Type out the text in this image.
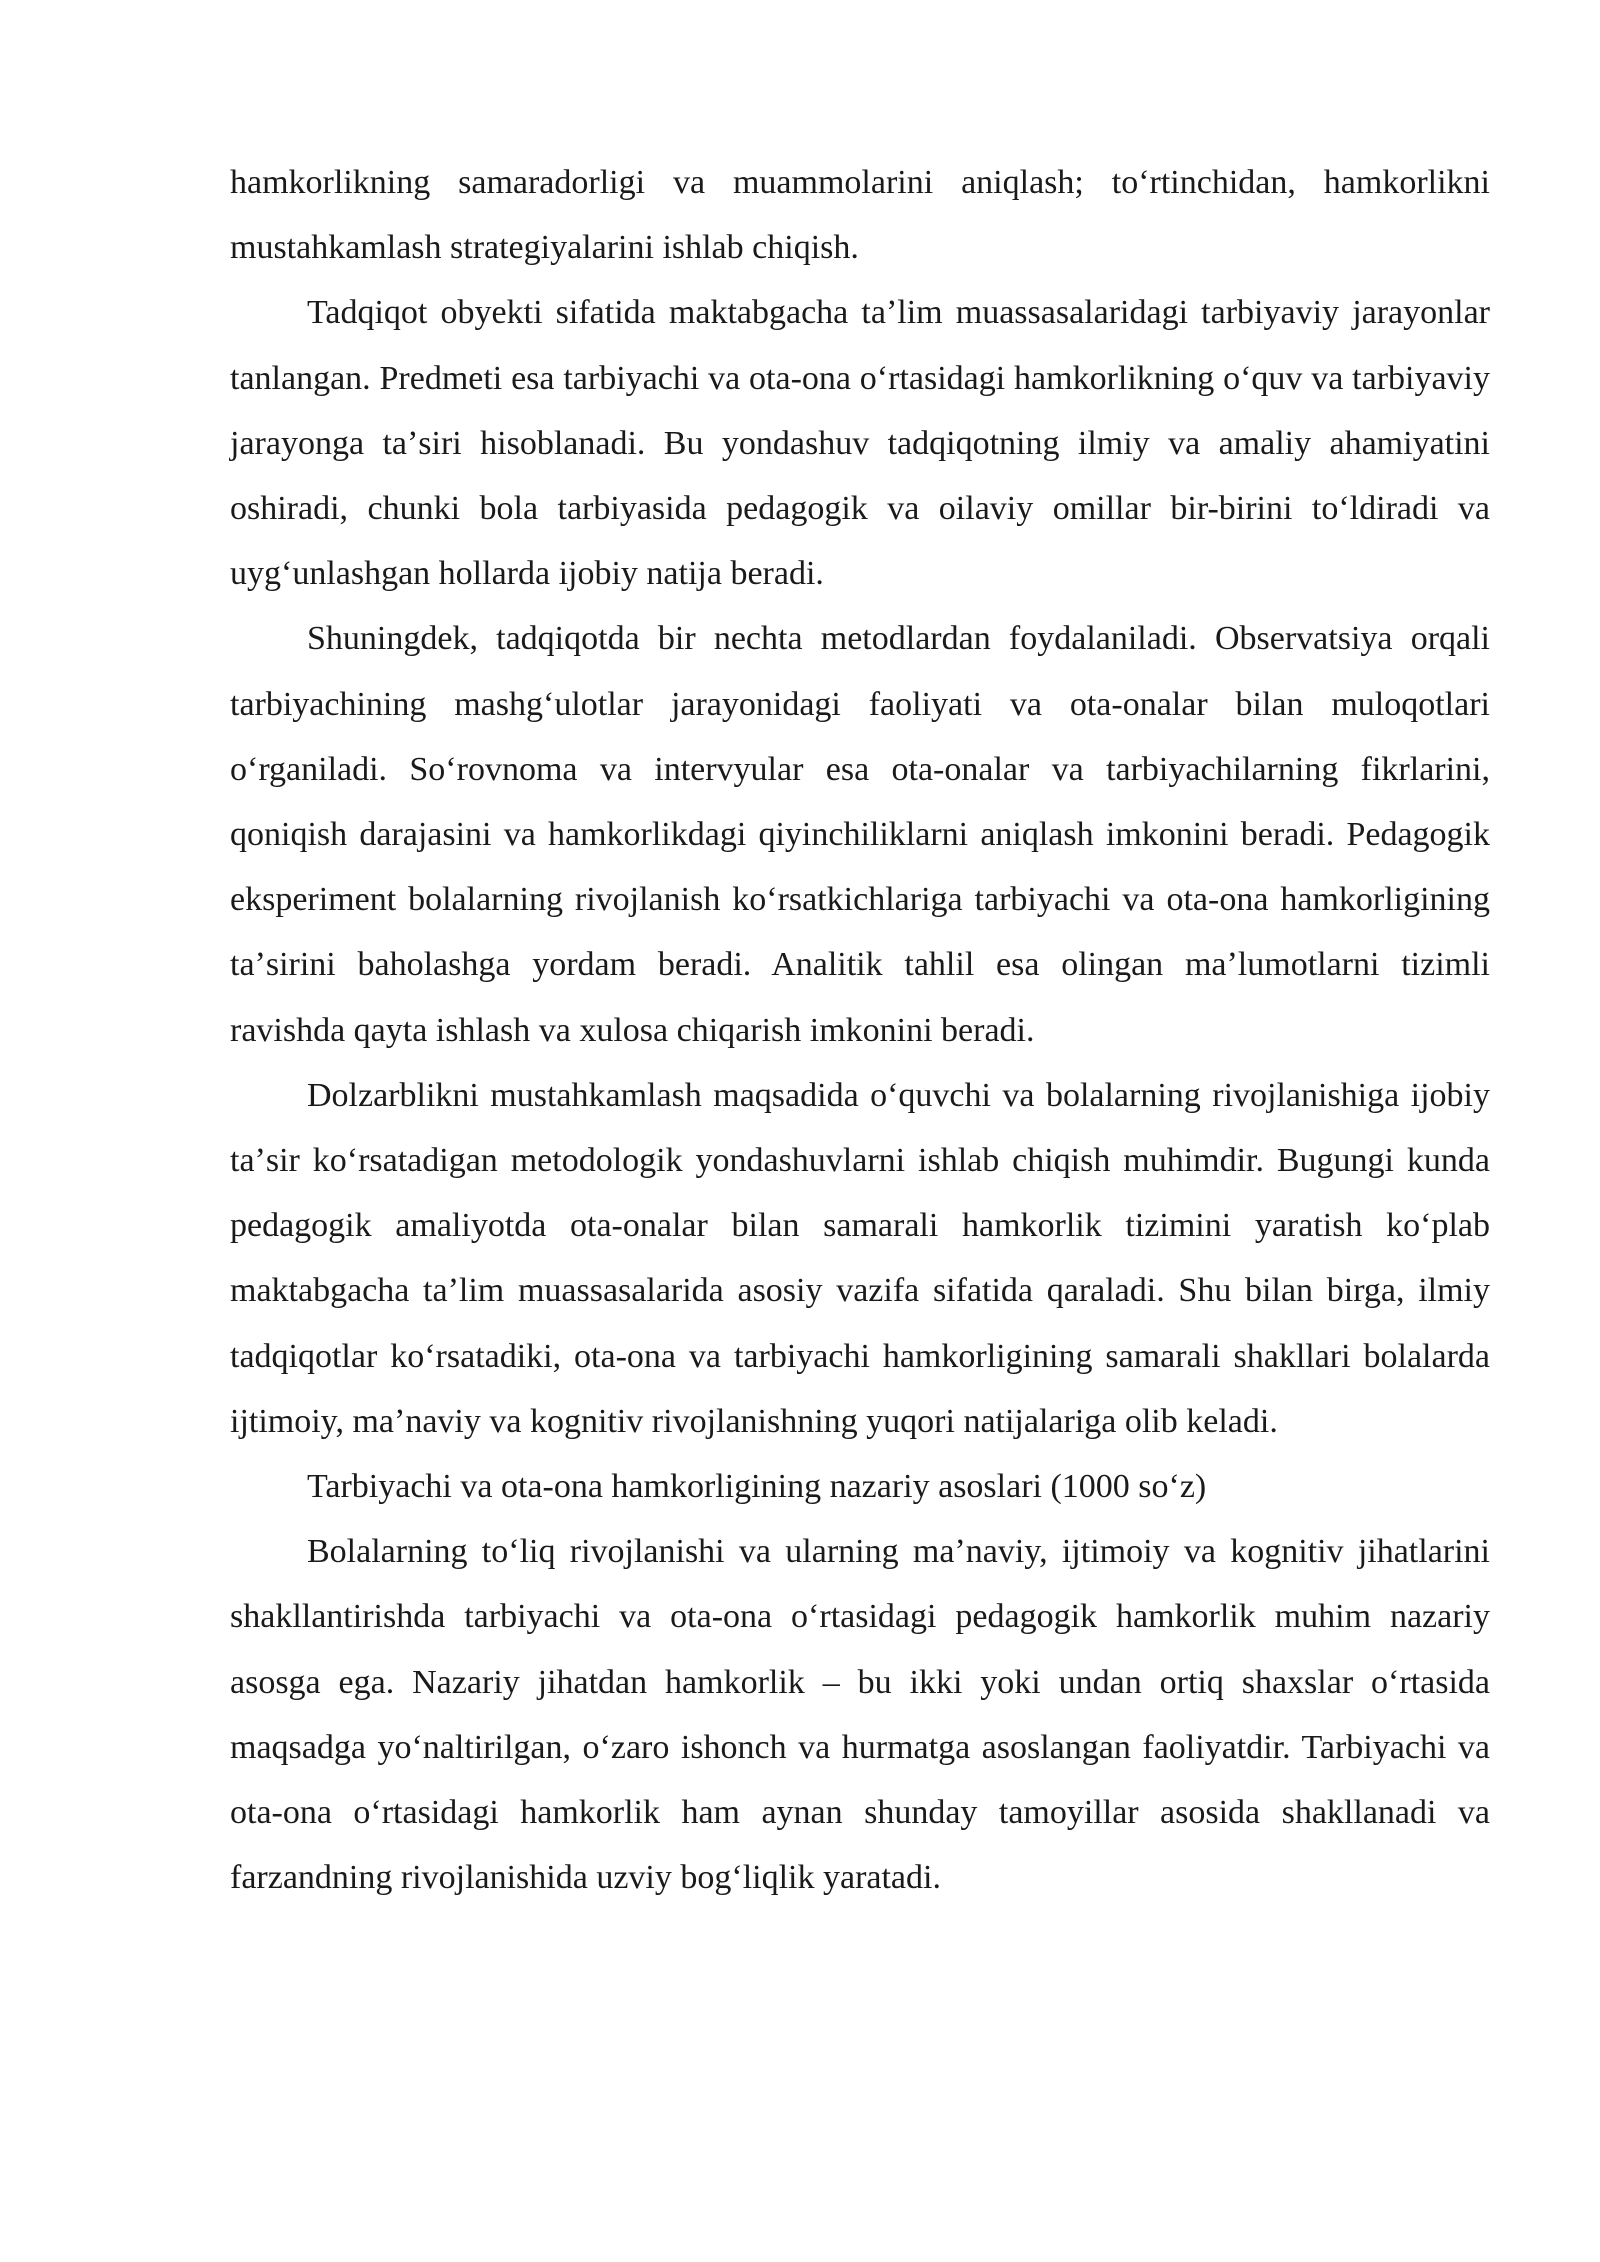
hamkorlikning samaradorligi va muammolarini aniqlash; toʻrtinchidan, hamkorlikni mustahkamlash strategiyalarini ishlab chiqish.

Tadqiqot obyekti sifatida maktabgacha taʼlim muassasalaridagi tarbiyaviy jarayonlar tanlangan. Predmeti esa tarbiyachi va ota-ona oʻrtasidagi hamkorlikning oʻquv va tarbiyaviy jarayonga taʼsiri hisoblanadi. Bu yondashuv tadqiqotning ilmiy va amaliy ahamiyatini oshiradi, chunki bola tarbiyasida pedagogik va oilaviy omillar bir-birini toʻldiradi va uygʻunlashgan hollarda ijobiy natija beradi.

Shuningdek, tadqiqotda bir nechta metodlardan foydalaniladi. Observatsiya orqali tarbiyachining mashgʻulotlar jarayonidagi faoliyati va ota-onalar bilan muloqotlari oʻrganiladi. Soʻrovnoma va intervyular esa ota-onalar va tarbiyachilarning fikrlarini, qoniqish darajasini va hamkorlikdagi qiyinchiliklarni aniqlash imkonini beradi. Pedagogik eksperiment bolalarning rivojlanish koʻrsatkichlariga tarbiyachi va ota-ona hamkorligining taʼsirini baholashga yordam beradi. Analitik tahlil esa olingan maʼlumotlarni tizimli ravishda qayta ishlash va xulosa chiqarish imkonini beradi.

Dolzarblikni mustahkamlash maqsadida oʻquvchi va bolalarning rivojlanishiga ijobiy taʼsir koʻrsatadigan metodologik yondashuvlarni ishlab chiqish muhimdir. Bugungi kunda pedagogik amaliyotda ota-onalar bilan samarali hamkorlik tizimini yaratish koʻplab maktabgacha taʼlim muassasalarida asosiy vazifa sifatida qaraladi. Shu bilan birga, ilmiy tadqiqotlar koʻrsatadiki, ota-ona va tarbiyachi hamkorligining samarali shakllari bolalarda ijtimoiy, maʼnaviy va kognitiv rivojlanishning yuqori natijalariga olib keladi.

Tarbiyachi va ota-ona hamkorligining nazariy asoslari (1000 soʻz)

Bolalarning toʻliq rivojlanishi va ularning maʼnaviy, ijtimoiy va kognitiv jihatlarini shakllantirishda tarbiyachi va ota-ona oʻrtasidagi pedagogik hamkorlik muhim nazariy asosga ega. Nazariy jihatdan hamkorlik – bu ikki yoki undan ortiq shaxslar oʻrtasida maqsadga yoʻnaltirilgan, oʻzaro ishonch va hurmatga asoslangan faoliyatdir. Tarbiyachi va ota-ona oʻrtasidagi hamkorlik ham aynan shunday tamoyillar asosida shakllanadi va farzandning rivojlanishida uzviy bogʻliqlik yaratadi.
